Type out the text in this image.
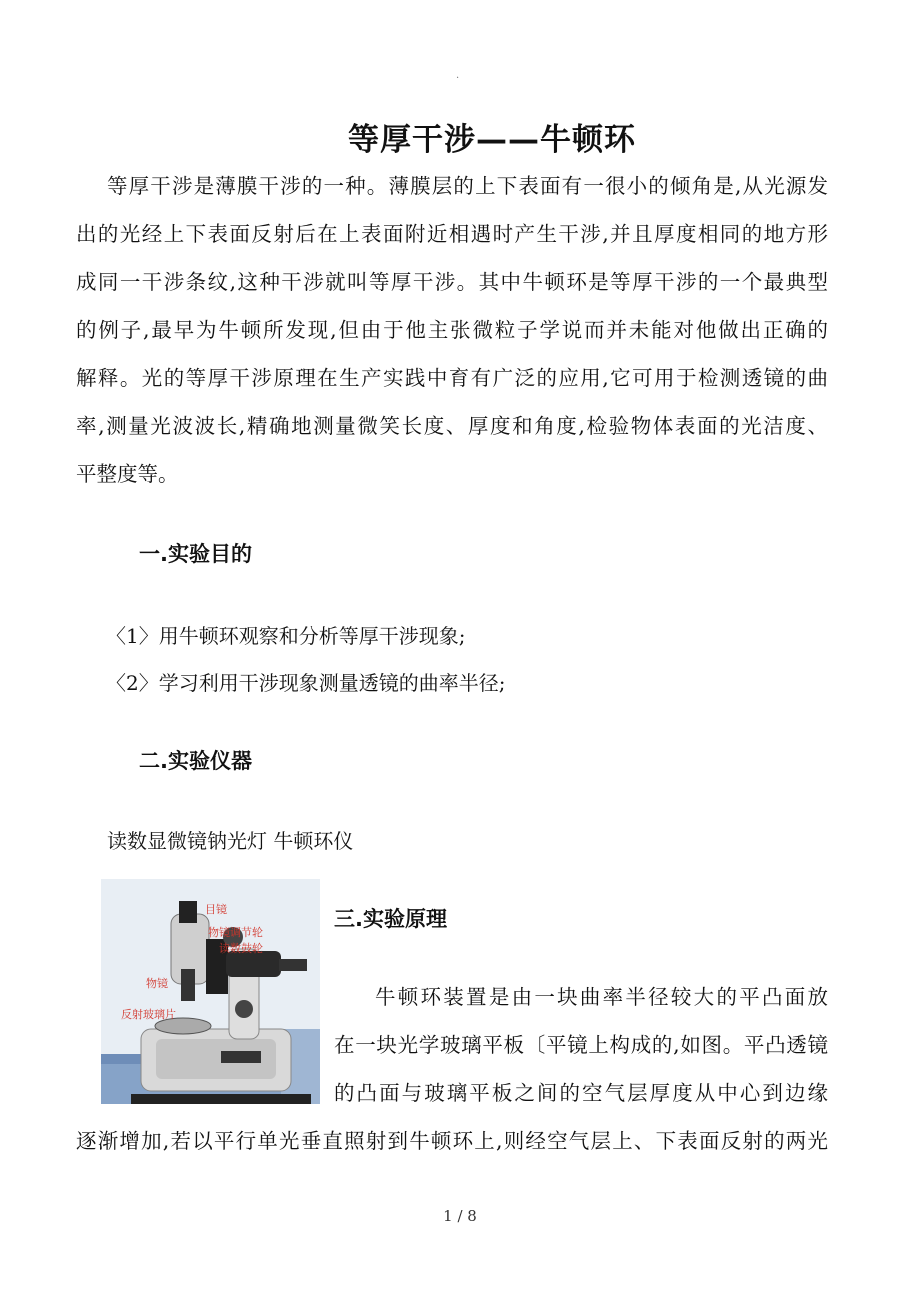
.
等厚干涉——牛顿环
等厚干涉是薄膜干涉的一种。薄膜层的上下表面有一很小的倾角是,从光源发
出的光经上下表面反射后在上表面附近相遇时产生干涉,并且厚度相同的地方形
成同一干涉条纹,这种干涉就叫等厚干涉。其中牛顿环是等厚干涉的一个最典型
的例子,最早为牛顿所发现,但由于他主张微粒子学说而并未能对他做出正确的
解释。光的等厚干涉原理在生产实践中育有广泛的应用,它可用于检测透镜的曲
率,测量光波波长,精确地测量微笑长度、厚度和角度,检验物体表面的光洁度、
平整度等。
一.实验目的
〈1〉用牛顿环观察和分析等厚干涉现象;
〈2〉学习利用干涉现象测量透镜的曲率半径;
二.实验仪器
读数显微镜钠光灯 牛顿环仪
目镜
物镜调节轮
读数鼓轮
物镜
反射玻璃片
三.实验原理
牛顿环装置是由一块曲率半径较大的平凸面放
在一块光学玻璃平板〔平镜上构成的,如图。平凸透镜
的凸面与玻璃平板之间的空气层厚度从中心到边缘
逐渐增加,若以平行单光垂直照射到牛顿环上,则经空气层上、下表面反射的两光
1 / 8
